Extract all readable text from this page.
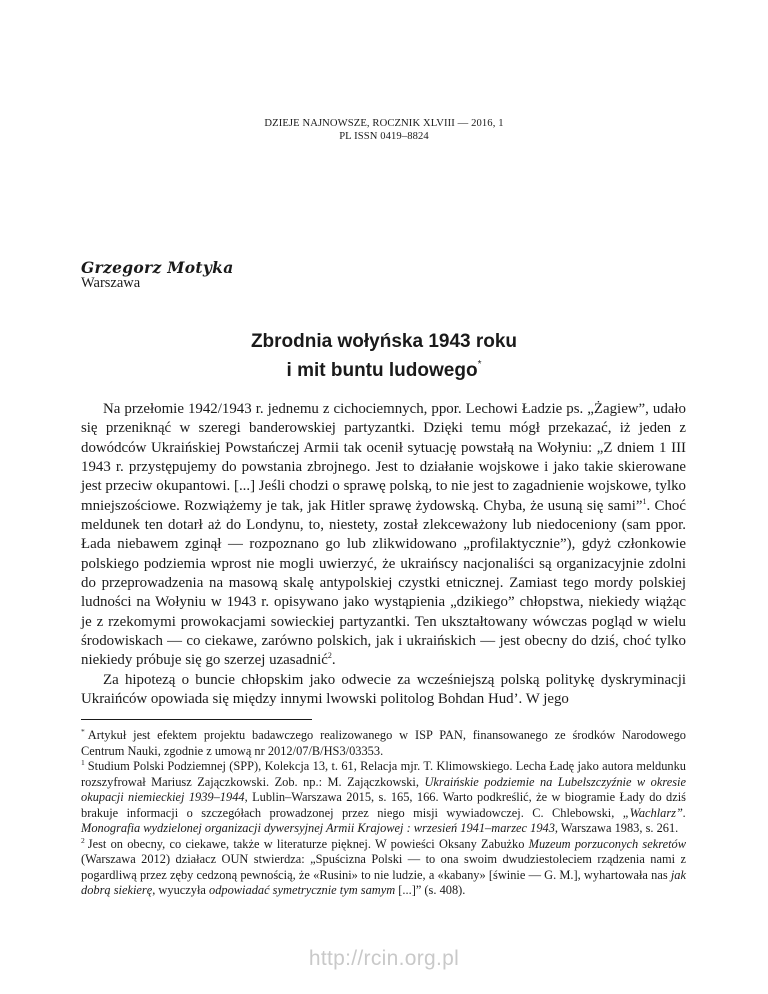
DZIEJE NAJNOWSZE, ROCZNIK XLVIII — 2016, 1
PL ISSN 0419–8824
Grzegorz Motyka
Warszawa
Zbrodnia wołyńska 1943 roku
i mit buntu ludowego*

Na przełomie 1942/1943 r. jednemu z cichociemnych, ppor. Lechowi Ładzie ps. „Żagiew”, udało się przeniknąć w szeregi banderowskiej partyzantki. Dzięki temu mógł przekazać, iż jeden z dowódców Ukraińskiej Powstańczej Armii tak ocenił sytuację powstałą na Wołyniu: „Z dniem 1 III 1943 r. przystępujemy do powstania zbrojnego. Jest to działanie wojskowe i jako takie skierowane jest przeciw okupantowi. [...] Jeśli chodzi o sprawę polską, to nie jest to zagadnienie wojskowe, tylko mniejszościowe. Rozwiążemy je tak, jak Hitler sprawę żydowską. Chyba, że usuną się sami”$^1$. Choć meldunek ten dotarł aż do Londynu, to, niestety, został zlekceważony lub niedoceniony (sam ppor. Łada niebawem zginął — rozpoznano go lub zlikwidowano „profilaktycznie”), gdyż członkowie polskiego podziemia wprost nie mogli uwierzyć, że ukraińscy nacjonaliści są organizacyjnie zdolni do przeprowadzenia na masową skalę antypolskiej czystki etnicznej. Zamiast tego mordy polskiej ludności na Wołyniu w 1943 r. opisywano jako wystąpienia „dzikiego” chłopstwa, niekiedy wiążąc je z rzekomymi prowokacjami sowieckiej partyzantki. Ten ukształtowany wówczas pogląd w wielu środowiskach — co ciekawe, zarówno polskich, jak i ukraińskich — jest obecny do dziś, choć tylko niekiedy próbuje się go szerzej uzasadnić$^2$.

Za hipotezą o buncie chłopskim jako odwecie za wcześniejszą polską politykę dyskryminacji Ukraińców opowiada się między innymi lwowski politolog Bohdan Hud’. W jego

* Artykuł jest efektem projektu badawczego realizowanego w ISP PAN, finansowanego ze środków Narodowego Centrum Nauki, zgodnie z umową nr 2012/07/B/HS3/03353.

$^1$ Studium Polski Podziemnej (SPP), Kolekcja 13, t. 61, Relacja mjr. T. Klimowskiego. Lecha Ładę jako autora meldunku rozszyfrował Mariusz Zajączkowski. Zob. np.: M. Zajączkowski, Ukraińskie podziemie na Lubelszczyźnie w okresie okupacji niemieckiej 1939–1944, Lublin–Warszawa 2015, s. 165, 166. Warto podkreślić, że w biogramie Łady do dziś brakuje informacji o szczegółach prowadzonej przez niego misji wywiadowczej. C. Chlebowski, „Wachlarz”. Monografia wydzielonej organizacji dywersyjnej Armii Krajowej : wrzesień 1941–marzec 1943, Warszawa 1983, s. 261.

$^2$ Jest on obecny, co ciekawe, także w literaturze pięknej. W powieści Oksany Zabużko Muzeum porzuconych sekretów (Warszawa 2012) działacz OUN stwierdza: „Spuścizna Polski — to ona swoim dwudziestoleciem rządzenia nami z pogardliwą przez zęby cedzoną pewnością, że «Rusini» to nie ludzie, a «kabany» [świnie — G. M.], wyhartowała nas jak dobrą siekierę, wyuczyła odpowiadać symetrycznie tym samym [...]” (s. 408).

http://rcin.org.pl
